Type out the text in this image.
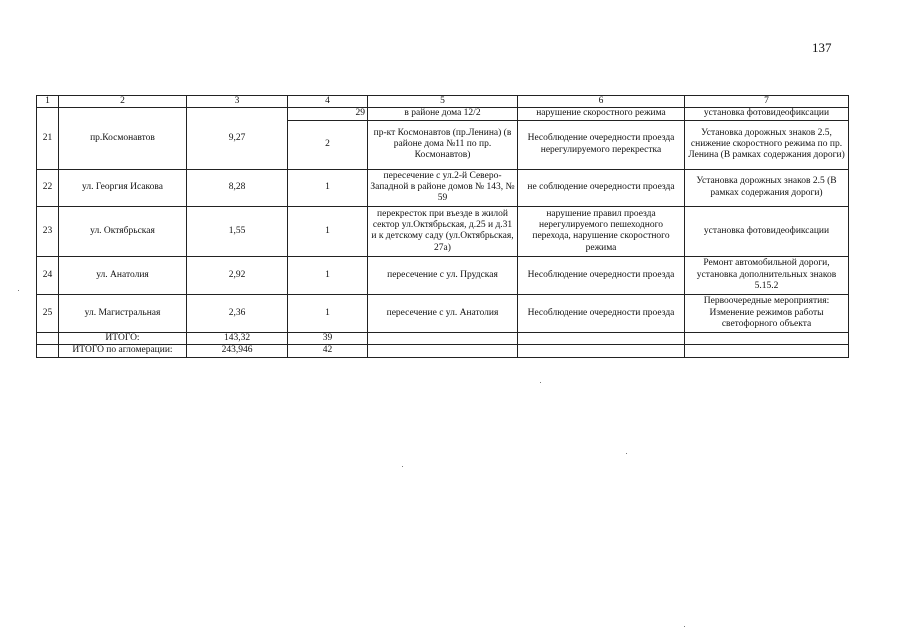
137
1	2	3	4	5	6	7
21	пр.Космонавтов	9,27	29	в районе дома 12/2	нарушение скоростного режима	установка фотовидеофиксации
			2	пр-кт Космонавтов (пр.Ленина) (в районе дома №11 по пр. Космонавтов)	Несоблюдение очередности проезда нерегулируемого перекрестка	Установка дорожных знаков 2.5, снижение скоростного режима по пр. Ленина (В рамках содержания дороги)
22	ул. Георгия Исакова	8,28	1	пересечение с ул.2-й Северо-Западной в районе домов № 143, № 59	не соблюдение очередности проезда	Установка дорожных знаков 2.5 (В рамках содержания дороги)
23	ул. Октябрьская	1,55	1	перекресток при въезде в жилой сектор ул.Октябрьская, д.25 и д.31 и к детскому саду (ул.Октябрьская, 27а)	нарушение правил проезда нерегулируемого пешеходного перехода, нарушение скоростного режима	установка фотовидеофиксации
24	ул. Анатолия	2,92	1	пересечение с ул. Прудская	Несоблюдение очередности проезда	Ремонт автомобильной дороги, установка дополнительных знаков 5.15.2
25	ул. Магистральная	2,36	1	пересечение с ул. Анатолия	Несоблюдение очередности проезда	Первоочередные мероприятия: Изменение режимов работы светофорного объекта
	ИТОГО:	143,32	39			
	ИТОГО по агломерации:	243,946	42			
